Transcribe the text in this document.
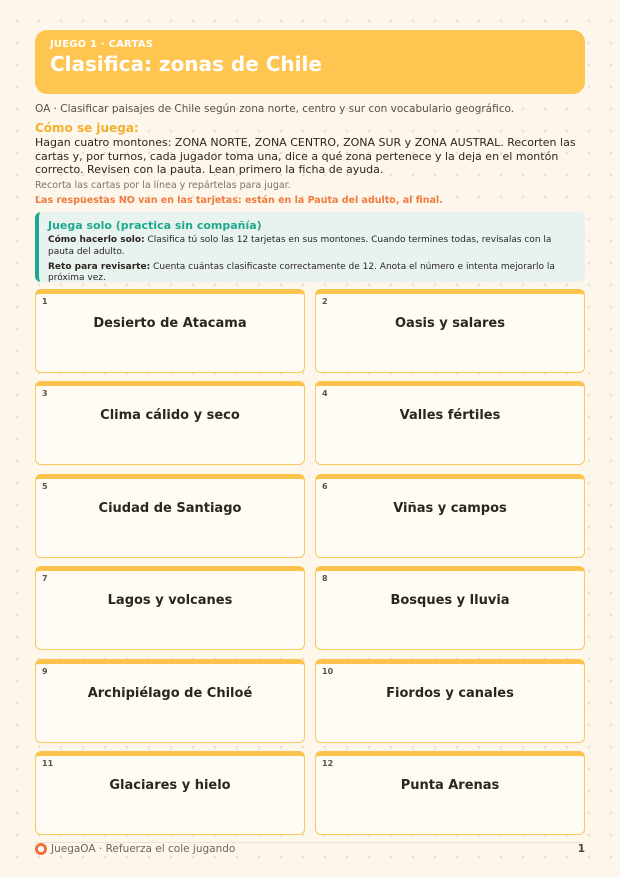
JUEGO 1 · CARTAS
Clasifica: zonas de Chile
OA · Clasificar paisajes de Chile según zona norte, centro y sur con vocabulario geográfico.
Cómo se juega:
Hagan cuatro montones: ZONA NORTE, ZONA CENTRO, ZONA SUR y ZONA AUSTRAL. Recorten las cartas y, por turnos, cada jugador toma una, dice a qué zona pertenece y la deja en el montón correcto. Revisen con la pauta. Lean primero la ficha de ayuda.
Recorta las cartas por la línea y repártelas para jugar.
Las respuestas NO van en las tarjetas: están en la Pauta del adulto, al final.
Juega solo (practica sin compañía)

Cómo hacerlo solo: Clasifica tú solo las 12 tarjetas en sus montones. Cuando termines todas, revísalas con la pauta del adulto.

Reto para revisarte: Cuenta cuántas clasificaste correctamente de 12. Anota el número e intenta mejorarlo la próxima vez.

1
Desierto de Atacama
2
Oasis y salares
3
Clima cálido y seco
4
Valles fértiles
5
Ciudad de Santiago
6
Viñas y campos
7
Lagos y volcanes
8
Bosques y lluvia
9
Archipiélago de Chiloé
10
Fiordos y canales
11
Glaciares y hielo
12
Punta Arenas
JuegaOA · Refuerza el cole jugando	1
